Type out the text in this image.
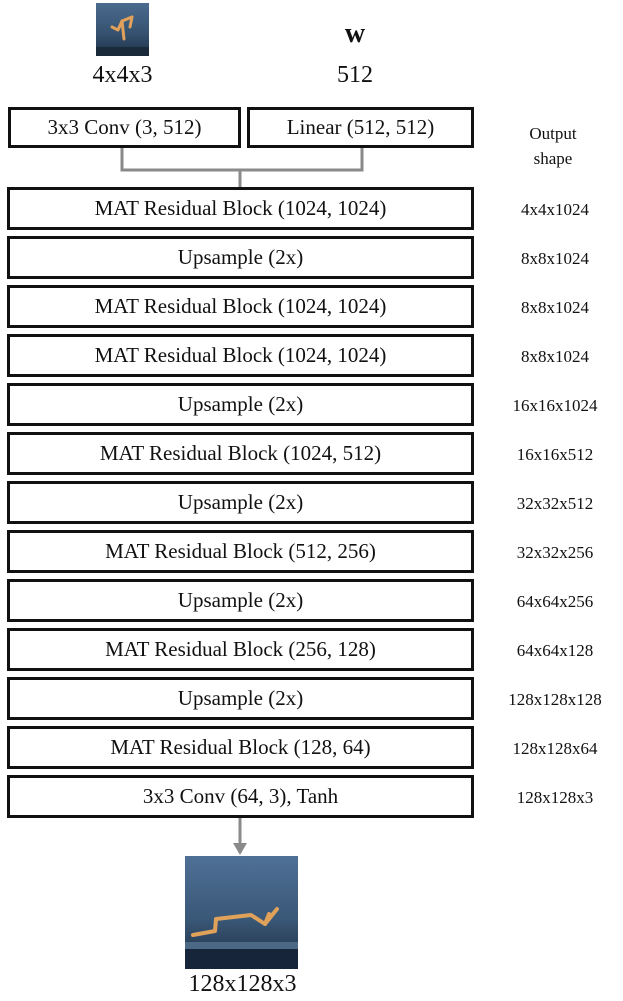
4x4x3
w
512
3x3 Conv (3, 512)	Linear (512, 512)	Output
shape
MAT Residual Block (1024, 1024)	4x4x1024
Upsample (2x)	8x8x1024
MAT Residual Block (1024, 1024)	8x8x1024
MAT Residual Block (1024, 1024)	8x8x1024
Upsample (2x)	16x16x1024
MAT Residual Block (1024, 512)	16x16x512
Upsample (2x)	32x32x512
MAT Residual Block (512, 256)	32x32x256
Upsample (2x)	64x64x256
MAT Residual Block (256, 128)	64x64x128
Upsample (2x)	128x128x128
MAT Residual Block (128, 64)	128x128x64
3x3 Conv (64, 3), Tanh	128x128x3
128x128x3
